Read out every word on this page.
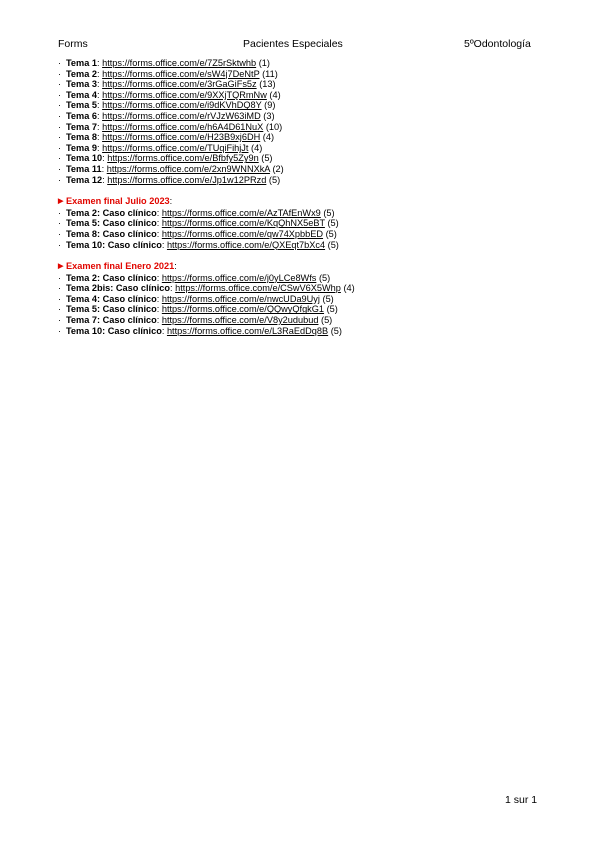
Forms	Pacientes Especiales	5ºOdontología
· Tema 1: https://forms.office.com/e/7Z5rSktwhb (1)
· Tema 2: https://forms.office.com/e/sW4j7DeNtP (11)
· Tema 3: https://forms.office.com/e/3rGaGiFs5z (13)
· Tema 4: https://forms.office.com/e/9XXjTQRmNw (4)
· Tema 5: https://forms.office.com/e/i9dKVhDQ8Y (9)
· Tema 6: https://forms.office.com/e/rVJzW63iMD (3)
· Tema 7: https://forms.office.com/e/h6A4D61NuX (10)
· Tema 8: https://forms.office.com/e/H23B9xj6DH (4)
· Tema 9: https://forms.office.com/e/TUqiFihjJt (4)
· Tema 10: https://forms.office.com/e/Bfbfy5Zy9n (5)
· Tema 11: https://forms.office.com/e/2xn9WNNXkA (2)
· Tema 12: https://forms.office.com/e/Jp1w12PRzd (5)
▶ Examen final Julio 2023:
· Tema 2: Caso clínico: https://forms.office.com/e/AzTAfEnWx9 (5)
· Tema 5: Caso clínico: https://forms.office.com/e/KqQhNX5eBT (5)
· Tema 8: Caso clínico: https://forms.office.com/e/qw74XpbbED (5)
· Tema 10: Caso clínico: https://forms.office.com/e/QXEqt7bXc4 (5)
▶ Examen final Enero 2021:
· Tema 2: Caso clínico: https://forms.office.com/e/j0yLCe8Wfs (5)
· Tema 2bis: Caso clínico: https://forms.office.com/e/CSwV6X5Whp (4)
· Tema 4: Caso clínico: https://forms.office.com/e/nwcUDa9Uyj (5)
· Tema 5: Caso clínico: https://forms.office.com/e/QQwyQfgkG1 (5)
· Tema 7: Caso clínico: https://forms.office.com/e/V8y2udubud (5)
· Tema 10: Caso clínico: https://forms.office.com/e/L3RaEdDq8B (5)
1 sur 1
